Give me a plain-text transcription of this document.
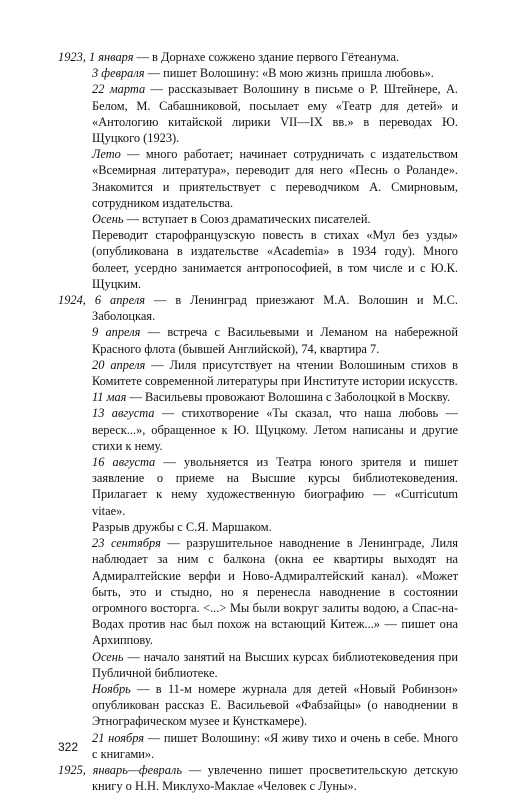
1923, 1 января — в Дорнахе сожжено здание первого Гётеанума.

3 февраля — пишет Волошину: «В мою жизнь пришла любовь».

22 марта — рассказывает Волошину в письме о Р. Штейнере, А. Белом, М. Сабашниковой, посылает ему «Театр для детей» и «Антологию китайской лирики VII—IX вв.» в переводах Ю. Щуцкого (1923).

Лето — много работает; начинает сотрудничать с издательством «Всемирная литература», переводит для него «Песнь о Роланде». Знакомится и приятельствует с переводчиком А. Смирновым, сотрудником издательства.

Осень — вступает в Союз драматических писателей.

Переводит старофранцузскую повесть в стихах «Мул без узды» (опубликована в издательстве «Academia» в 1934 году). Много болеет, усердно занимается антропософией, в том числе и с Ю.К. Щуцким.

1924, 6 апреля — в Ленинград приезжают М.А. Волошин и М.С. Заболоцкая.

9 апреля — встреча с Васильевыми и Леманом на набережной Красного флота (бывшей Английской), 74, квартира 7.

20 апреля — Лиля присутствует на чтении Волошиным стихов в Комитете современной литературы при Институте истории искусств.

11 мая — Васильевы провожают Волошина с Заболоцкой в Москву.

13 августа — стихотворение «Ты сказал, что наша любовь — вереск...», обращенное к Ю. Щуцкому. Летом написаны и другие стихи к нему.

16 августа — увольняется из Театра юного зрителя и пишет заявление о приеме на Высшие курсы библиотековедения. Прилагает к нему художественную биографию — «Curricutum vitae».

Разрыв дружбы с С.Я. Маршаком.

23 сентября — разрушительное наводнение в Ленинграде, Лиля наблюдает за ним с балкона (окна ее квартиры выходят на Адмиралтейские верфи и Ново-Адмиралтейский канал). «Может быть, это и стыдно, но я перенесла наводнение в состоянии огромного восторга. <...> Мы были вокруг залиты водою, а Спас-на-Водах против нас был похож на встающий Китеж...» — пишет она Архиппову.

Осень — начало занятий на Высших курсах библиотековедения при Публичной библиотеке.

Ноябрь — в 11-м номере журнала для детей «Новый Робинзон» опубликован рассказ Е. Васильевой «Фабзайцы» (о наводнении в Этнографическом музее и Кунсткамере).

21 ноября — пишет Волошину: «Я живу тихо и очень в себе. Много с книгами».

1925, январь—февраль — увлеченно пишет просветительскую детскую книгу о Н.Н. Миклухо-Маклае «Человек с Луны».

322
